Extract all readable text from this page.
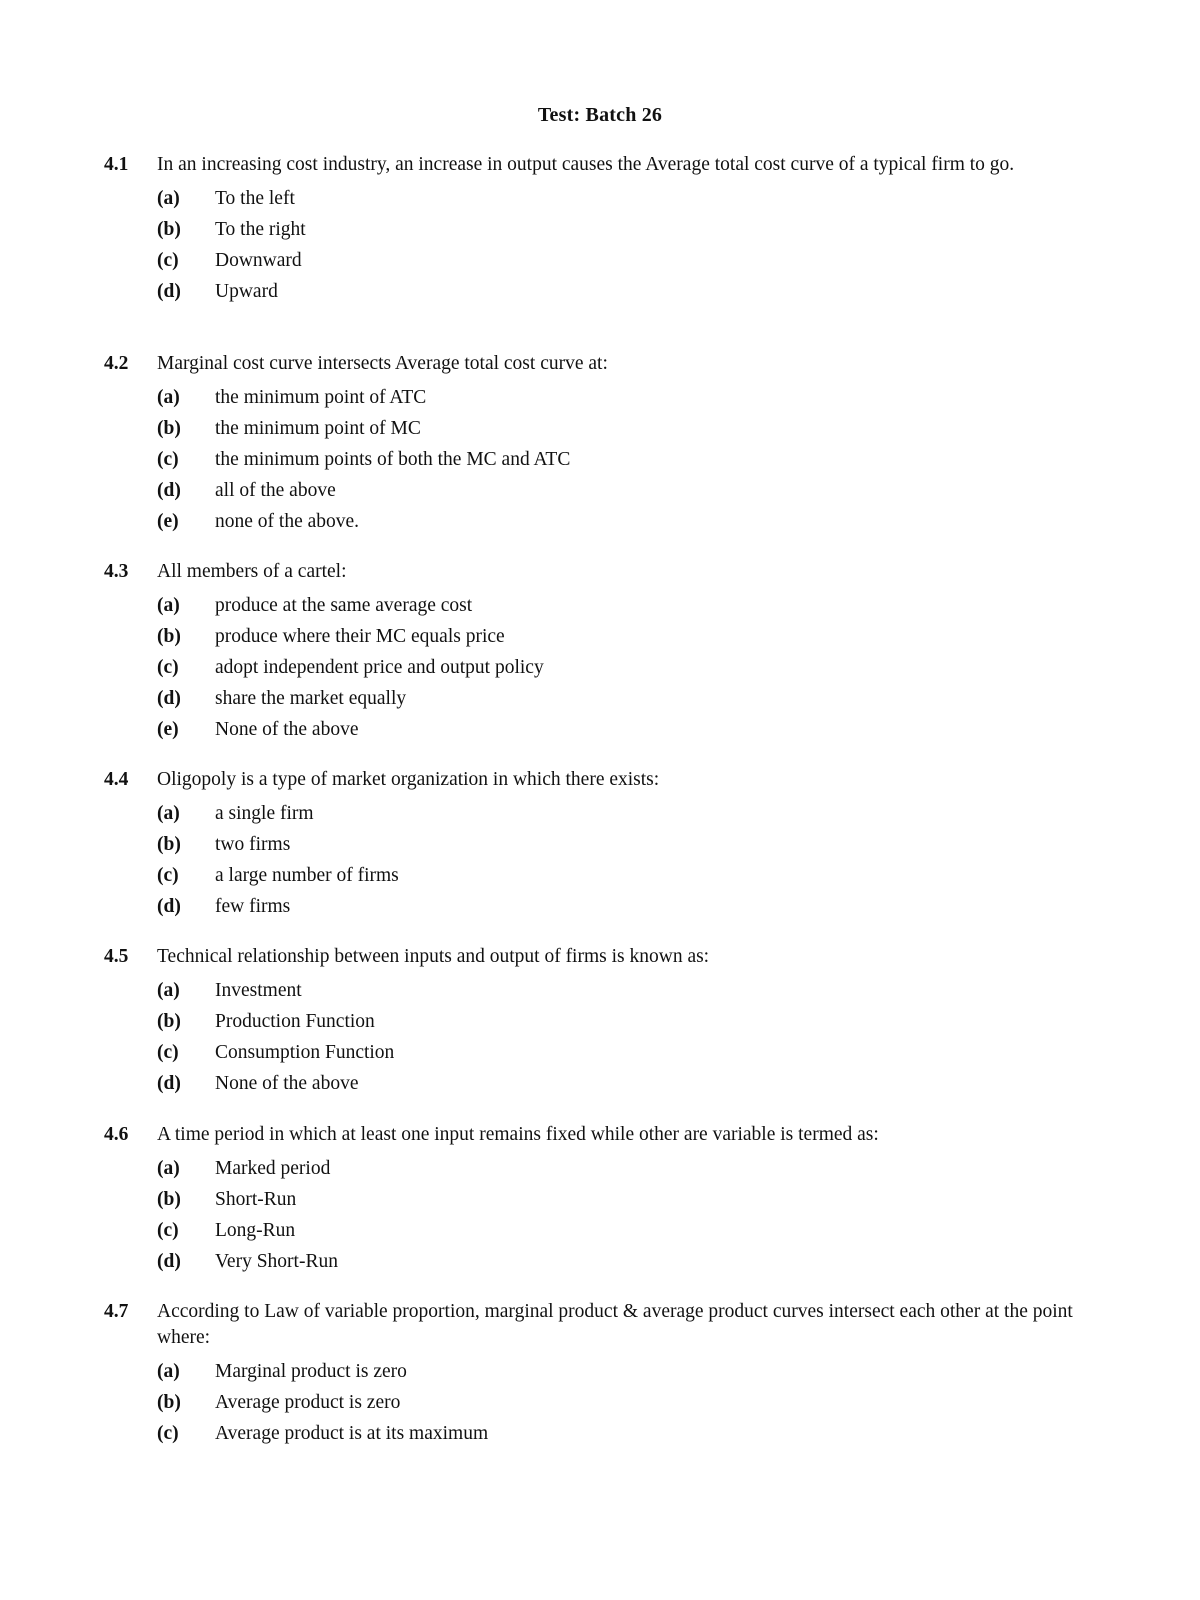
Test: Batch 26
4.1 In an increasing cost industry, an increase in output causes the Average total cost curve of a typical firm to go.
(a) To the left
(b) To the right
(c) Downward
(d) Upward
4.2 Marginal cost curve intersects Average total cost curve at:
(a) the minimum point of ATC
(b) the minimum point of MC
(c) the minimum points of both the MC and ATC
(d) all of the above
(e) none of the above.
4.3 All members of a cartel:
(a) produce at the same average cost
(b) produce where their MC equals price
(c) adopt independent price and output policy
(d) share the market equally
(e) None of the above
4.4 Oligopoly is a type of market organization in which there exists:
(a) a single firm
(b) two firms
(c) a large number of firms
(d) few firms
4.5 Technical relationship between inputs and output of firms is known as:
(a) Investment
(b) Production Function
(c) Consumption Function
(d) None of the above
4.6 A time period in which at least one input remains fixed while other are variable is termed as:
(a) Marked period
(b) Short-Run
(c) Long-Run
(d) Very Short-Run
4.7 According to Law of variable proportion, marginal product & average product curves intersect each other at the point where:
(a) Marginal product is zero
(b) Average product is zero
(c) Average product is at its maximum
